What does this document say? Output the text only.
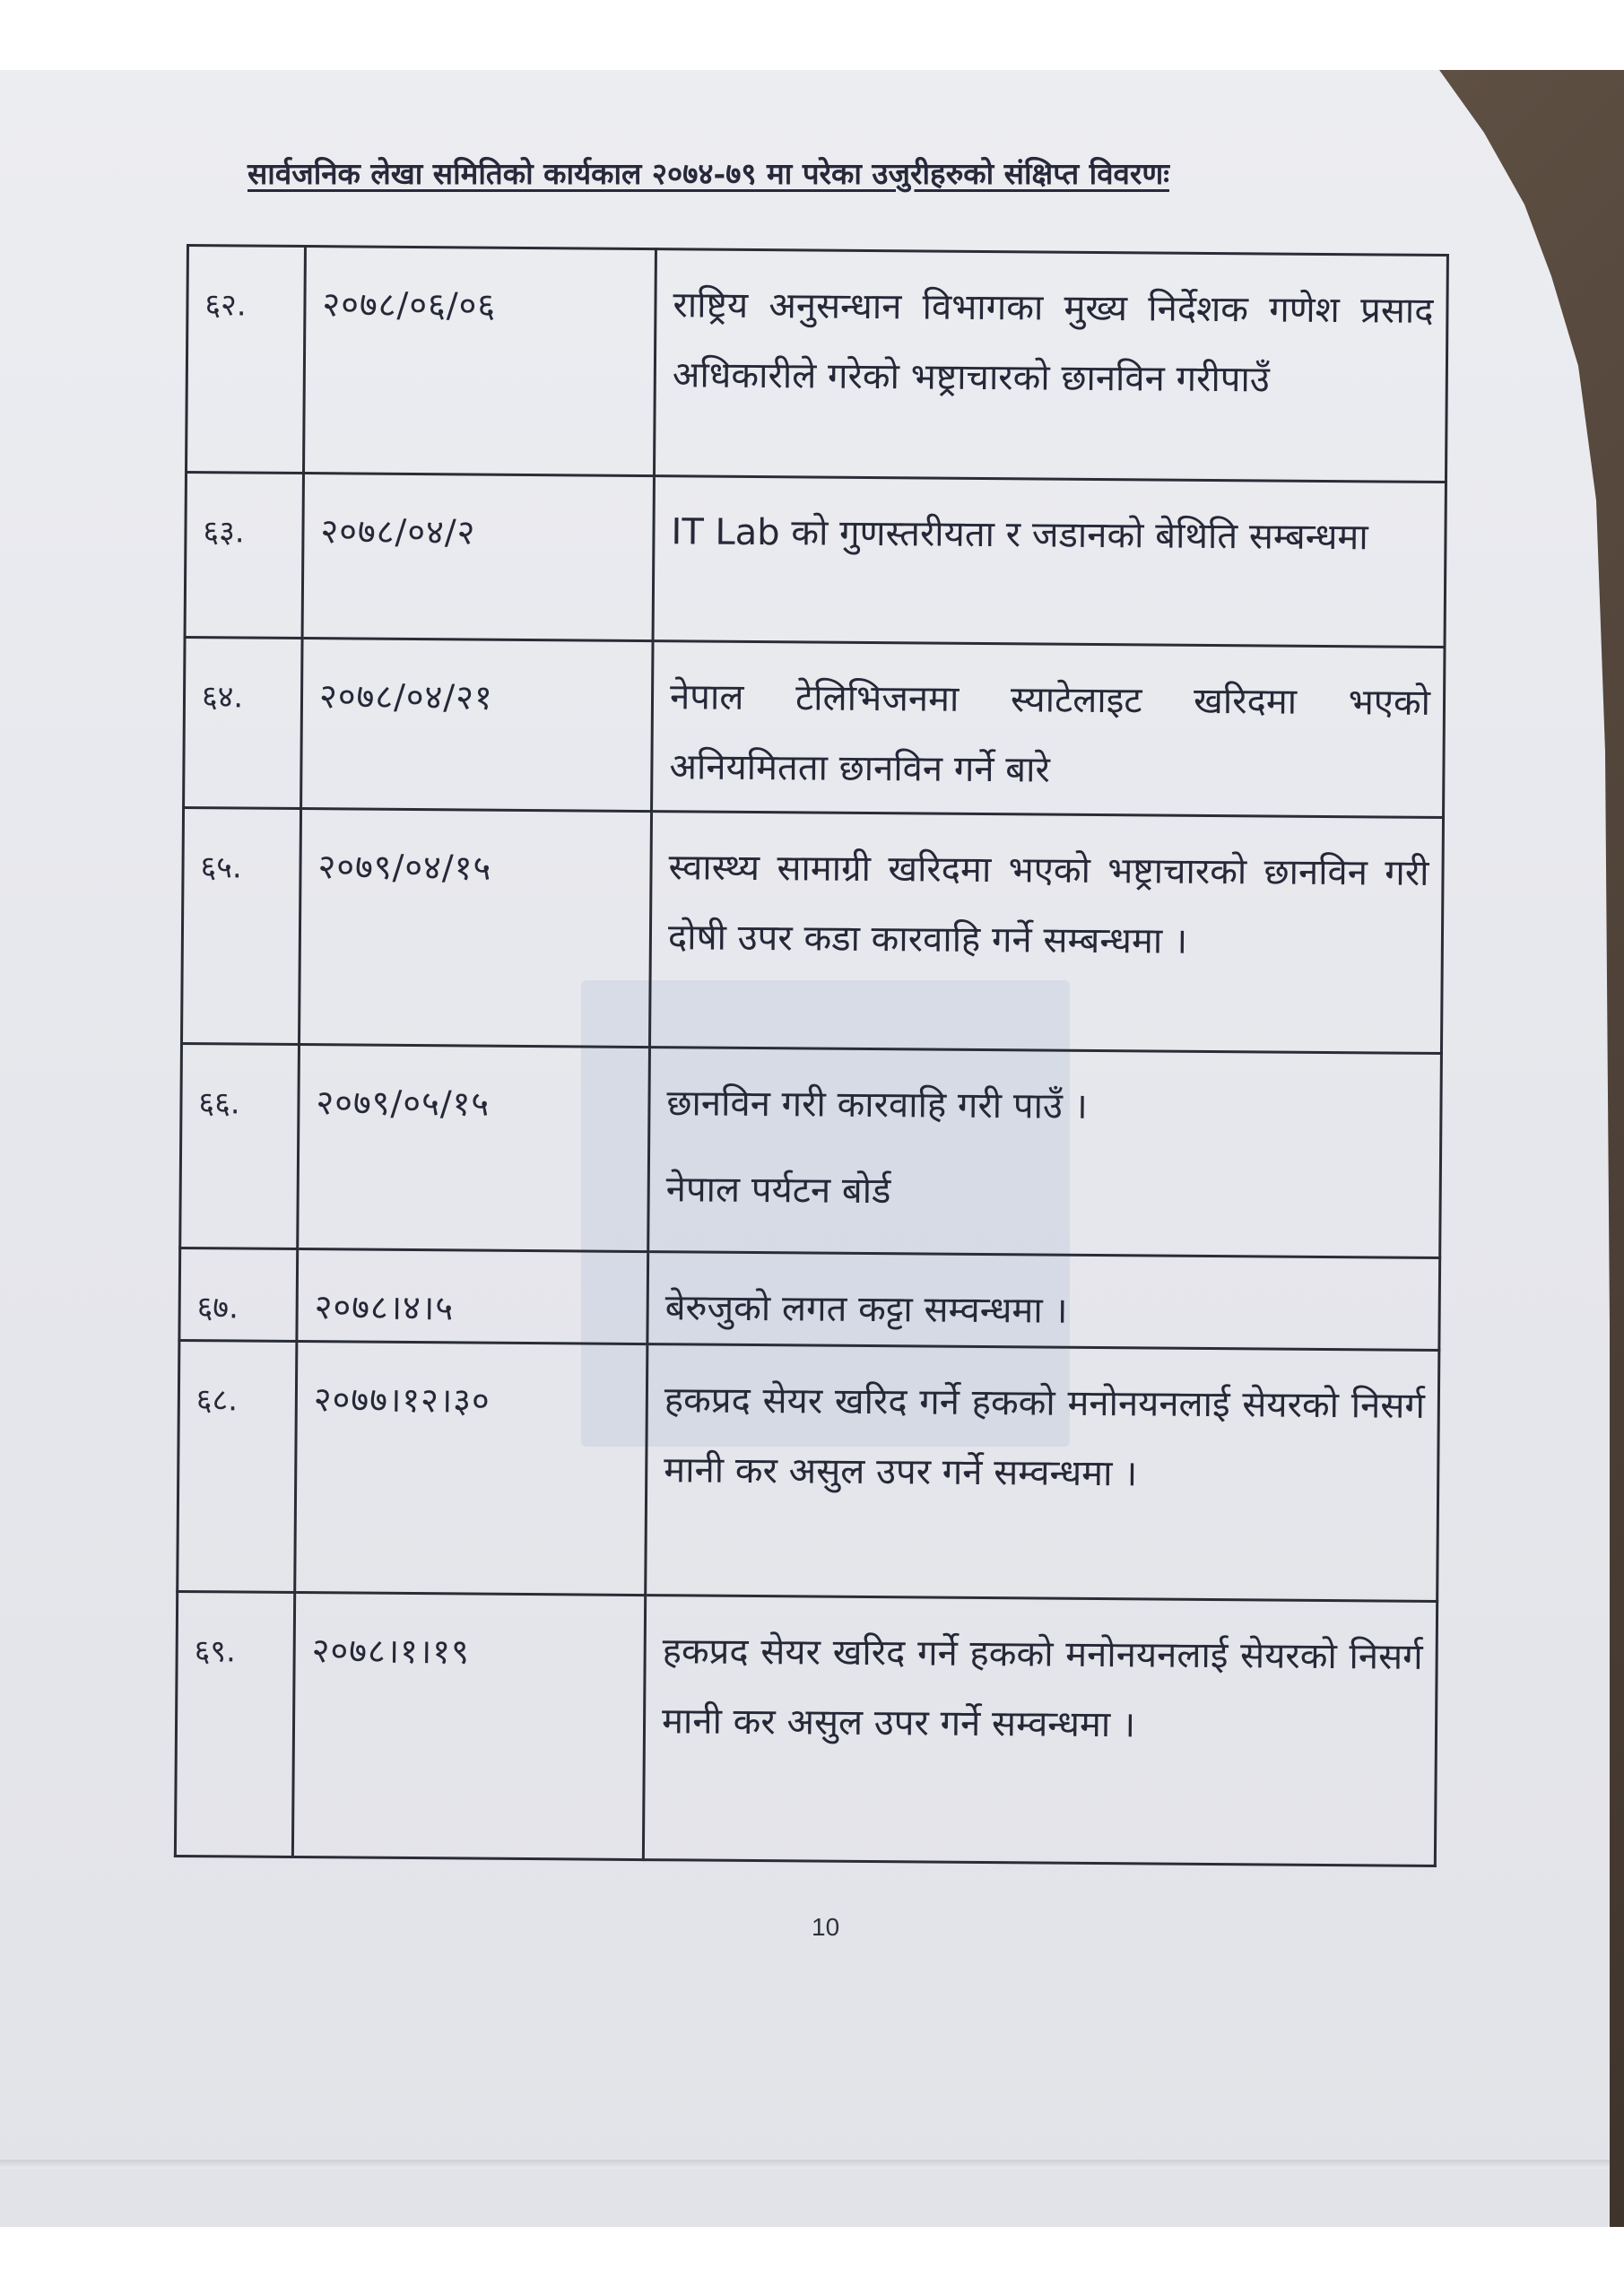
सार्वजनिक लेखा समितिको कार्यकाल २०७४-७९ मा परेका उजुरीहरुको संक्षिप्त विवरणः
६२.	२०७८/०६/०६	राष्ट्रिय अनुसन्धान विभागका मुख्य निर्देशक गणेश प्रसाद अधिकारीले गरेको भष्ट्राचारको छानविन गरीपाउँ

६३.	२०७८/०४/२	IT Lab को गुणस्तरीयता र जडानको बेथिति सम्बन्धमा

६४.	२०७८/०४/२१	नेपाल टेलिभिजनमा स्याटेलाइट खरिदमा भएको अनियमितता छानविन गर्ने बारे

६५.	२०७९/०४/१५	स्वास्थ्य सामाग्री खरिदमा भएको भष्ट्राचारको छानविन गरी दोषी उपर कडा कारवाहि गर्ने सम्बन्धमा ।

६६.	२०७९/०५/१५	छानविन गरी कारवाहि गरी पाउँ ।

नेपाल पर्यटन बोर्ड

६७.	२०७८।४।५	बेरुजुको लगत कट्टा सम्वन्धमा ।

६८.	२०७७।१२।३०	हकप्रद सेयर खरिद गर्ने हकको मनोनयनलाई सेयरको निसर्ग मानी कर असुल उपर गर्ने सम्वन्धमा ।

६९.	२०७८।१।१९	हकप्रद सेयर खरिद गर्ने हकको मनोनयनलाई सेयरको निसर्ग मानी कर असुल उपर गर्ने सम्वन्धमा ।

10
